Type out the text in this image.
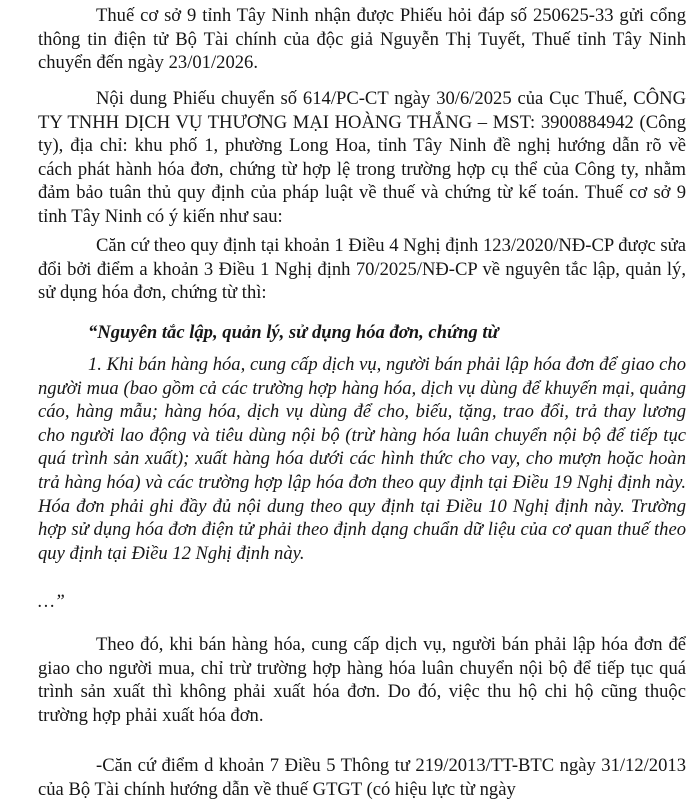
Thuế cơ sở 9 tỉnh Tây Ninh nhận được Phiếu hỏi đáp số 250625-33 gửi cổng thông tin điện tử Bộ Tài chính của độc giả Nguyễn Thị Tuyết, Thuế tỉnh Tây Ninh chuyển đến ngày 23/01/2026.

Nội dung Phiếu chuyển số 614/PC-CT ngày 30/6/2025 của Cục Thuế, CÔNG TY TNHH DỊCH VỤ THƯƠNG MẠI HOÀNG THẮNG – MST: 3900884942 (Công ty), địa chỉ: khu phố 1, phường Long Hoa, tỉnh Tây Ninh đề nghị hướng dẫn rõ về cách phát hành hóa đơn, chứng từ hợp lệ trong trường hợp cụ thể của Công ty, nhằm đảm bảo tuân thủ quy định của pháp luật về thuế và chứng từ kế toán. Thuế cơ sở 9 tỉnh Tây Ninh có ý kiến như sau:

Căn cứ theo quy định tại khoản 1 Điều 4 Nghị định 123/2020/NĐ-CP được sửa đổi bởi điểm a khoản 3 Điều 1 Nghị định 70/2025/NĐ-CP về nguyên tắc lập, quản lý, sử dụng hóa đơn, chứng từ thì:

“Nguyên tắc lập, quản lý, sử dụng hóa đơn, chứng từ

1. Khi bán hàng hóa, cung cấp dịch vụ, người bán phải lập hóa đơn để giao cho người mua (bao gồm cả các trường hợp hàng hóa, dịch vụ dùng để khuyến mại, quảng cáo, hàng mẫu; hàng hóa, dịch vụ dùng để cho, biếu, tặng, trao đổi, trả thay lương cho người lao động và tiêu dùng nội bộ (trừ hàng hóa luân chuyển nội bộ để tiếp tục quá trình sản xuất); xuất hàng hóa dưới các hình thức cho vay, cho mượn hoặc hoàn trả hàng hóa) và các trường hợp lập hóa đơn theo quy định tại Điều 19 Nghị định này. Hóa đơn phải ghi đầy đủ nội dung theo quy định tại Điều 10 Nghị định này. Trường hợp sử dụng hóa đơn điện tử phải theo định dạng chuẩn dữ liệu của cơ quan thuế theo quy định tại Điều 12 Nghị định này.

…”

Theo đó, khi bán hàng hóa, cung cấp dịch vụ, người bán phải lập hóa đơn để giao cho người mua, chỉ trừ trường hợp hàng hóa luân chuyển nội bộ để tiếp tục quá trình sản xuất thì không phải xuất hóa đơn. Do đó, việc thu hộ chi hộ cũng thuộc trường hợp phải xuất hóa đơn.

-Căn cứ điểm d khoản 7 Điều 5 Thông tư 219/2013/TT-BTC ngày 31/12/2013 của Bộ Tài chính hướng dẫn về thuế GTGT (có hiệu lực từ ngày
